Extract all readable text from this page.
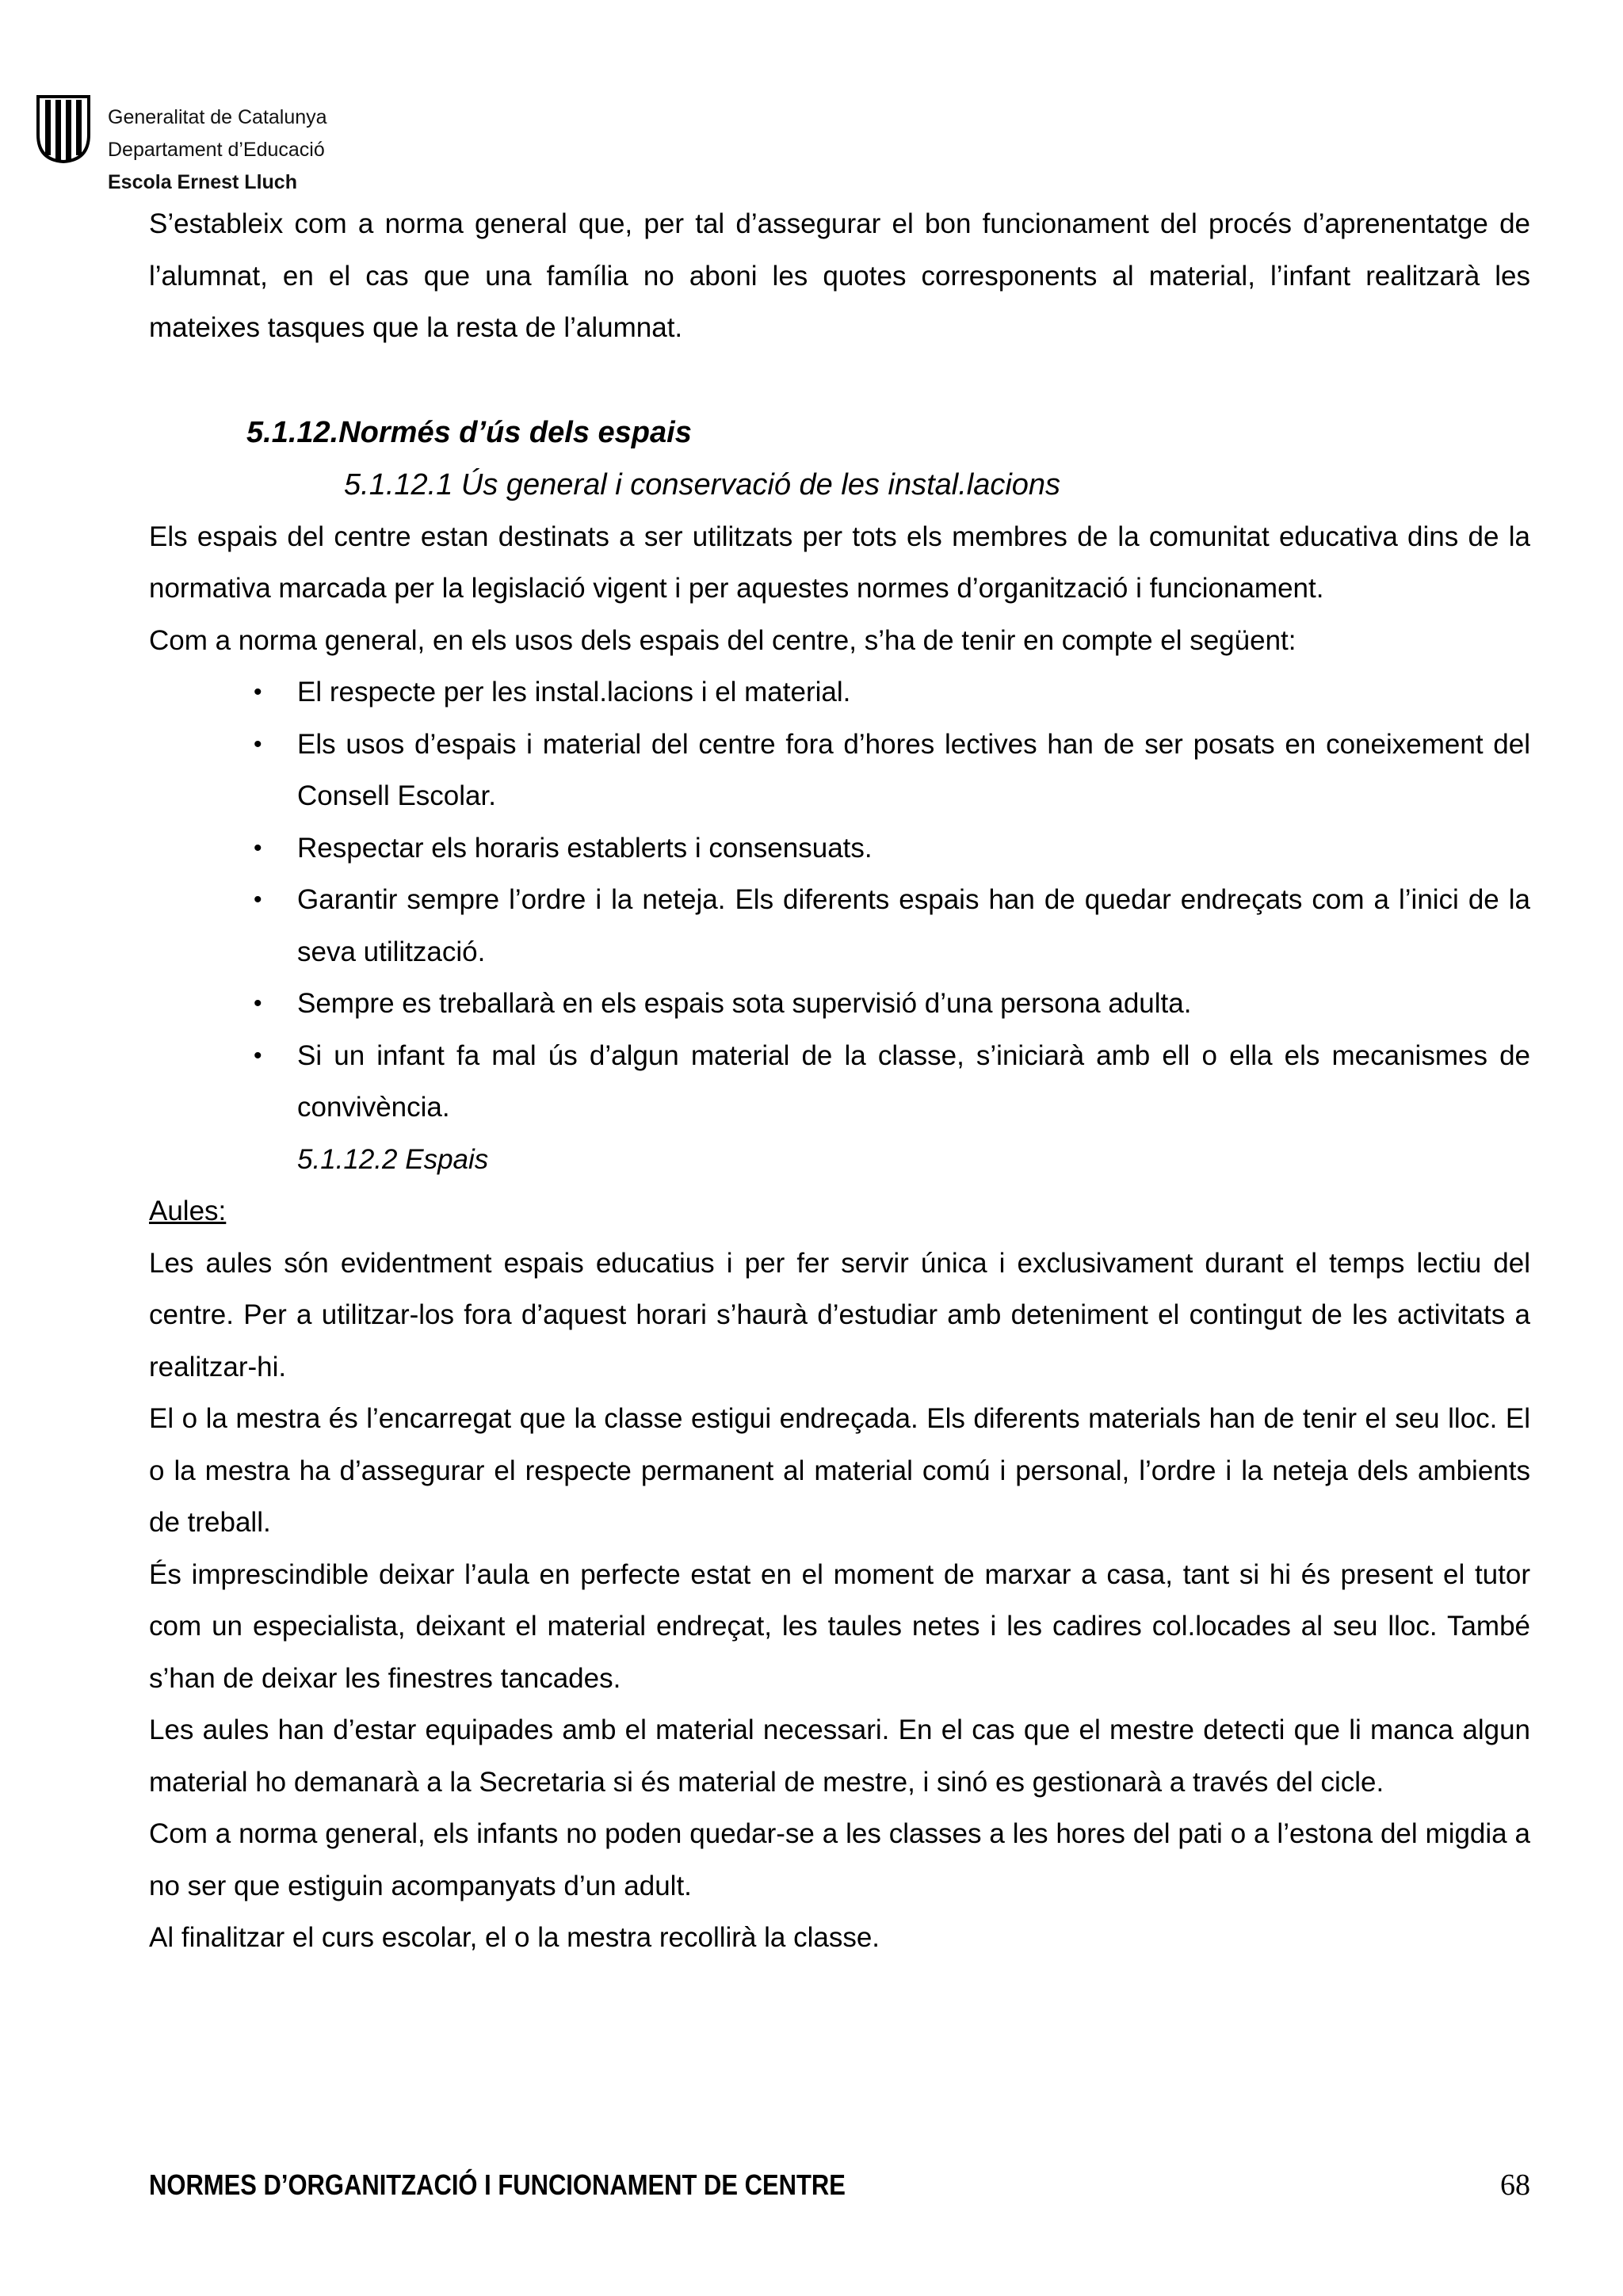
Generalitat de Catalunya
Departament d’Educació
Escola Ernest Lluch

S’estableix com a norma general que, per tal d’assegurar el bon funcionament del procés d’aprenentatge de l’alumnat, en el cas que una família no aboni les quotes corresponents al material, l’infant realitzarà les mateixes tasques que la resta de l’alumnat.

5.1.12.Normés d’ús dels espais
5.1.12.1 Ús general i conservació de les instal.lacions

Els espais del centre estan destinats a ser utilitzats per tots els membres de la comunitat educativa dins de la normativa marcada per la legislació vigent i per aquestes normes d’organització i funcionament.

Com a norma general, en els usos dels espais del centre, s’ha de tenir en compte el següent:

• El respecte per les instal.lacions i el material.
• Els usos d’espais i material del centre fora d’hores lectives han de ser posats en coneixement del Consell Escolar.
• Respectar els horaris establerts i consensuats.
• Garantir sempre l’ordre i la neteja. Els diferents espais han de quedar endreçats com a l’inici de la seva utilització.
• Sempre es treballarà en els espais sota supervisió d’una persona adulta.
• Si un infant fa mal ús d’algun material de la classe, s’iniciarà amb ell o ella els mecanismes de convivència.
5.1.12.2 Espais
Aules:

Les aules són evidentment espais educatius i per fer servir única i exclusivament durant el temps lectiu del centre. Per a utilitzar-los fora d’aquest horari s’haurà d’estudiar amb deteniment el contingut de les activitats a realitzar-hi.

El o la mestra és l’encarregat que la classe estigui endreçada. Els diferents materials han de tenir el seu lloc. El o la mestra ha d’assegurar el respecte permanent al material comú i personal, l’ordre i la neteja dels ambients de treball.

És imprescindible deixar l’aula en perfecte estat en el moment de marxar a casa, tant si hi és present el tutor com un especialista, deixant el material endreçat, les taules netes i les cadires col.locades al seu lloc. També s’han de deixar les finestres tancades.

Les aules han d’estar equipades amb el material necessari. En el cas que el mestre detecti que li manca algun material ho demanarà a la Secretaria si és material de mestre, i sinó es gestionarà a través del cicle.

Com a norma general, els infants no poden quedar-se a les classes a les hores del pati o a l’estona del migdia a no ser que estiguin acompanyats d’un adult.

Al finalitzar el curs escolar, el o la mestra recollirà la classe.

NORMES D’ORGANITZACIÓ I FUNCIONAMENT DE CENTRE	68
